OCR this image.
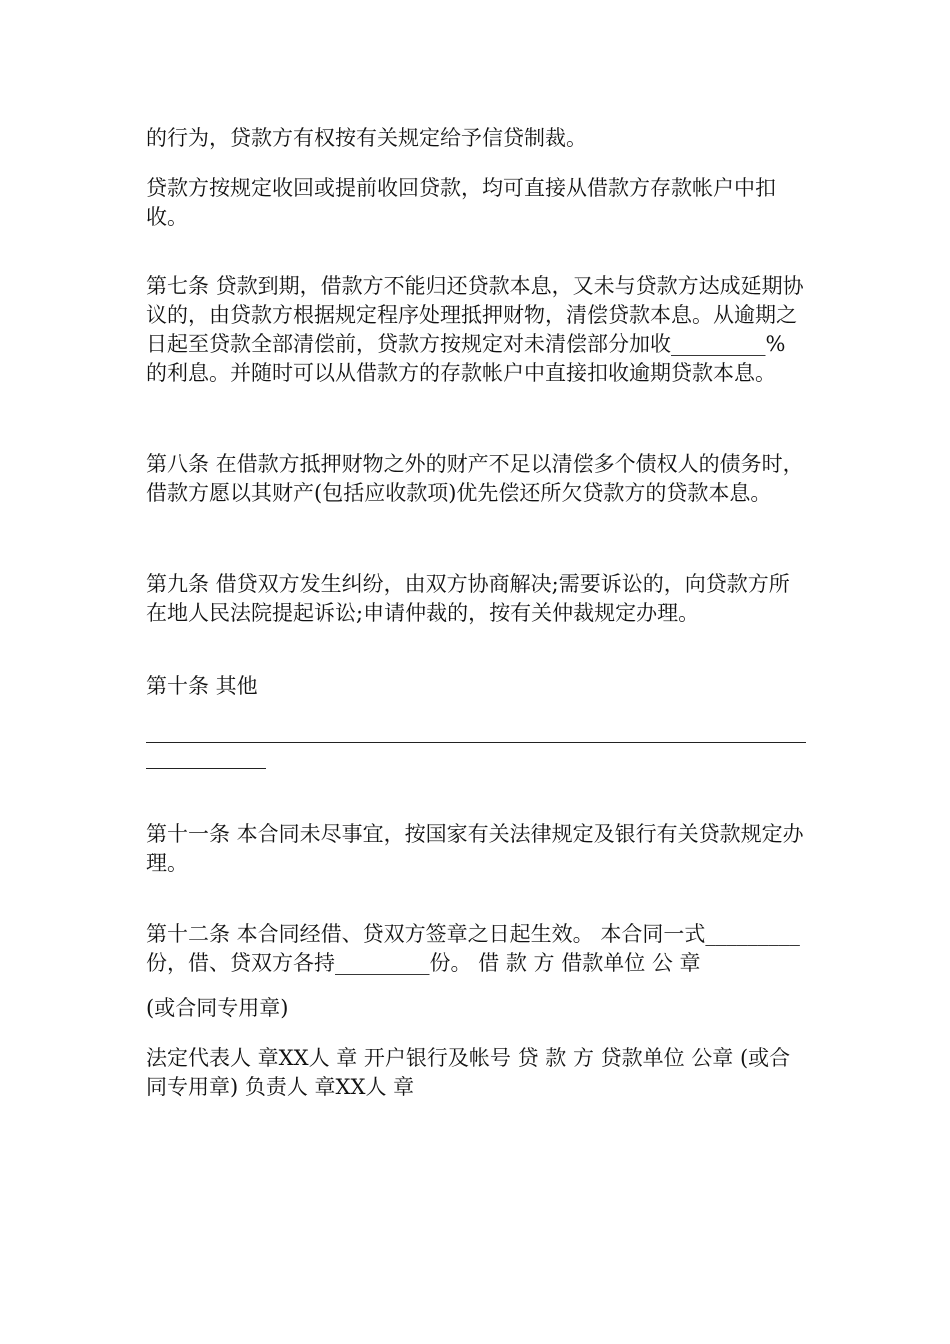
的行为，贷款方有权按有关规定给予信贷制裁。

贷款方按规定收回或提前收回贷款，均可直接从借款方存款帐户中扣收。

第七条 贷款到期，借款方不能归还贷款本息，又未与贷款方达成延期协议的，由贷款方根据规定程序处理抵押财物，清偿贷款本息。从逾期之日起至贷款全部清偿前，贷款方按规定对未清偿部分加收_________%的利息。并随时可以从借款方的存款帐户中直接扣收逾期贷款本息。

第八条 在借款方抵押财物之外的财产不足以清偿多个债权人的债务时，借款方愿以其财产(包括应收款项)优先偿还所欠贷款方的贷款本息。

第九条 借贷双方发生纠纷，由双方协商解决;需要诉讼的，向贷款方所在地人民法院提起诉讼;申请仲裁的，按有关仲裁规定办理。

第十条 其他

第十一条 本合同未尽事宜，按国家有关法律规定及银行有关贷款规定办理。

第十二条 本合同经借、贷双方签章之日起生效。 本合同一式_________份，借、贷双方各持_________份。 借 款 方 借款单位 公 章

(或合同专用章)

法定代表人 章XX人 章 开户银行及帐号 贷 款 方 贷款单位 公章 (或合同专用章) 负责人 章XX人 章
